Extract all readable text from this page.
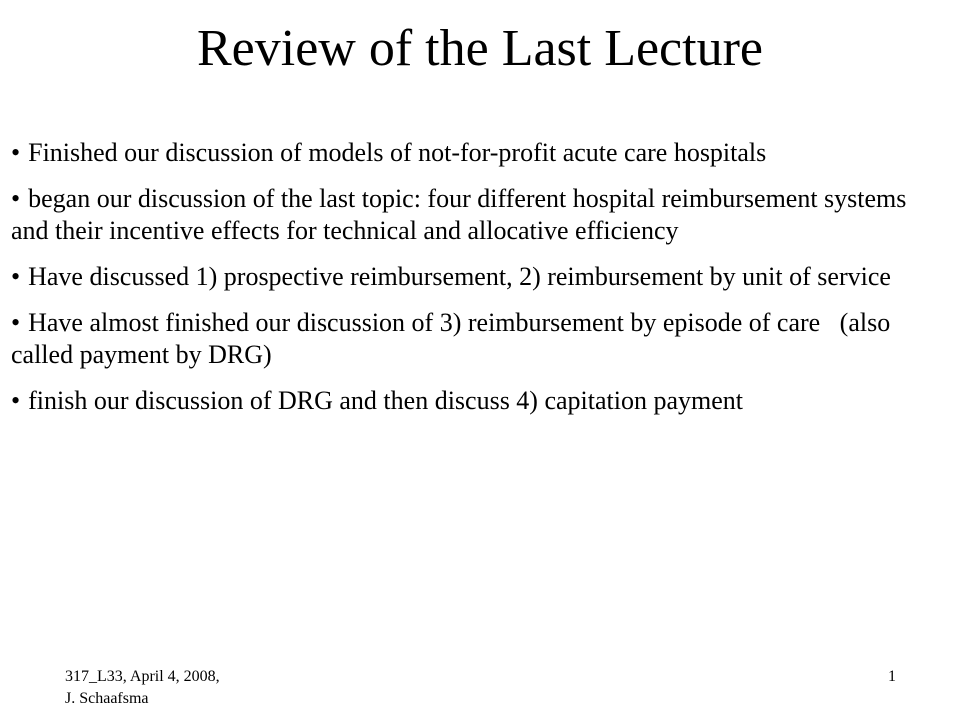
Review of the Last Lecture
• Finished our discussion of models of not-for-profit acute care hospitals
• began our discussion of the last topic: four different hospital reimbursement systems and their incentive effects for technical and allocative efficiency
• Have discussed 1) prospective reimbursement, 2) reimbursement by unit of service
• Have almost finished our discussion of 3) reimbursement by episode of care   (also called payment by DRG)
• finish our discussion of DRG and then discuss 4) capitation payment
317_L33, April 4, 2008,
J. Schaafsma
1
